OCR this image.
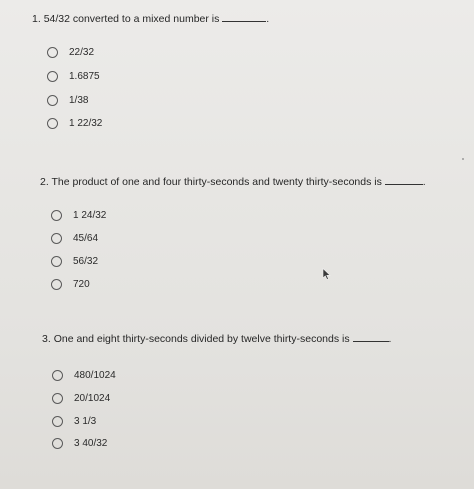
1. 54/32 converted to a mixed number is	.
22/32
1.6875
1/38
1 22/32
2. The product of one and four thirty-seconds and twenty thirty-seconds is	.
1 24/32
45/64
56/32
720
3. One and eight thirty-seconds divided by twelve thirty-seconds is	.
480/1024
20/1024
3 1/3
3 40/32
